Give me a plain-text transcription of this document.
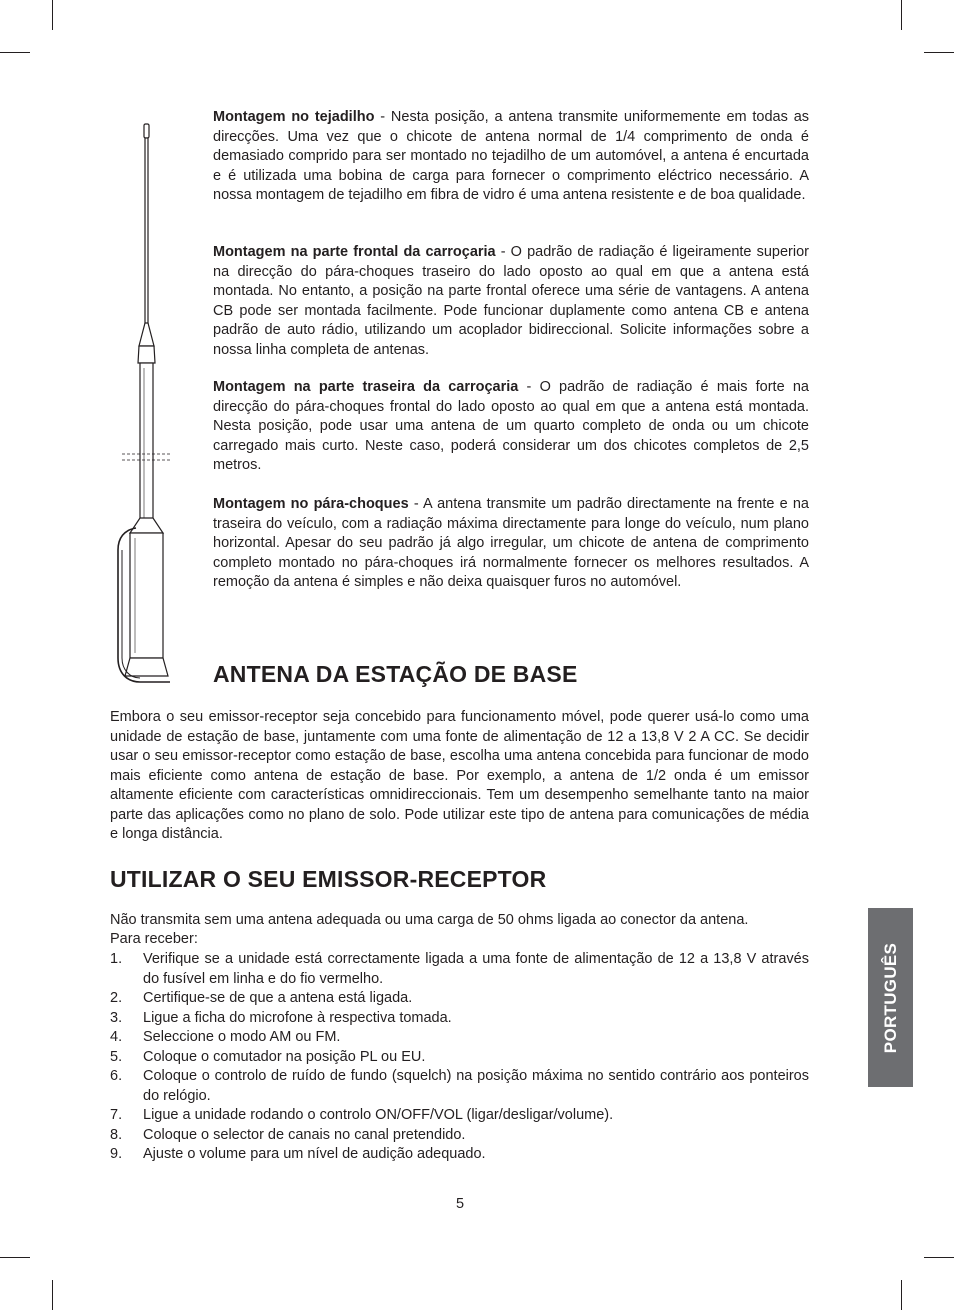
Montagem no tejadilho - Nesta posição, a antena transmite uniformemente em todas as direcções. Uma vez que o chicote de antena normal de 1/4 comprimento de onda é demasiado comprido para ser montado no tejadilho de um automóvel, a antena é encurtada e é utilizada uma bobina de carga para fornecer o comprimento eléctrico necessário. A nossa montagem de tejadilho em fibra de vidro é uma antena resistente e de boa qualidade.

Montagem na parte frontal da carroçaria - O padrão de radiação é ligeiramente superior na direcção do pára-choques traseiro do lado oposto ao qual em que a antena está montada. No entanto, a posição na parte frontal oferece uma série de vantagens. A antena CB pode ser montada facilmente. Pode funcionar duplamente como antena CB e antena padrão de auto rádio, utilizando um acoplador bidireccional. Solicite informações sobre a nossa linha completa de antenas.

Montagem na parte traseira da carroçaria - O padrão de radiação é mais forte na direcção do pára-choques frontal do lado oposto ao qual em que a antena está montada. Nesta posição, pode usar uma antena de um quarto completo de onda ou um chicote carregado mais curto. Neste caso, poderá considerar um dos chicotes completos de 2,5 metros.

Montagem no pára-choques - A antena transmite um padrão directamente na frente e na traseira do veículo, com a radiação máxima directamente para longe do veículo, num plano horizontal. Apesar do seu padrão já algo irregular, um chicote de antena de comprimento completo montado no pára-choques irá normalmente fornecer os melhores resultados. A remoção da antena é simples e não deixa quaisquer furos no automóvel.

ANTENA DA ESTAÇÃO DE BASE

Embora o seu emissor-receptor seja concebido para funcionamento móvel, pode querer usá-lo como uma unidade de estação de base, juntamente com uma fonte de alimentação de 12 a 13,8 V 2 A CC. Se decidir usar o seu emissor-receptor como estação de base, escolha uma antena concebida para funcionar de modo mais eficiente como antena de estação de base. Por exemplo, a antena de 1/2 onda é um emissor altamente eficiente com características omnidireccionais. Tem um desempenho semelhante tanto na maior parte das aplicações como no plano de solo. Pode utilizar este tipo de antena para comunicações de média e longa distância.

UTILIZAR O SEU EMISSOR-RECEPTOR

Não transmita sem uma antena adequada ou uma carga de 50 ohms ligada ao conector da antena.

Para receber:

1. Verifique se a unidade está correctamente ligada a uma fonte de alimentação de 12 a 13,8 V através do fusível em linha e do fio vermelho.
2. Certifique-se de que a antena está ligada.
3. Ligue a ficha do microfone à respectiva tomada.
4. Seleccione o modo AM ou FM.
5. Coloque o comutador na posição PL ou EU.
6. Coloque o controlo de ruído de fundo (squelch) na posição máxima no sentido contrário aos ponteiros do relógio.
7. Ligue a unidade rodando o controlo ON/OFF/VOL (ligar/desligar/volume).
8. Coloque o selector de canais no canal pretendido.
9. Ajuste o volume para um nível de audição adequado.
PORTUGUÊS
5
